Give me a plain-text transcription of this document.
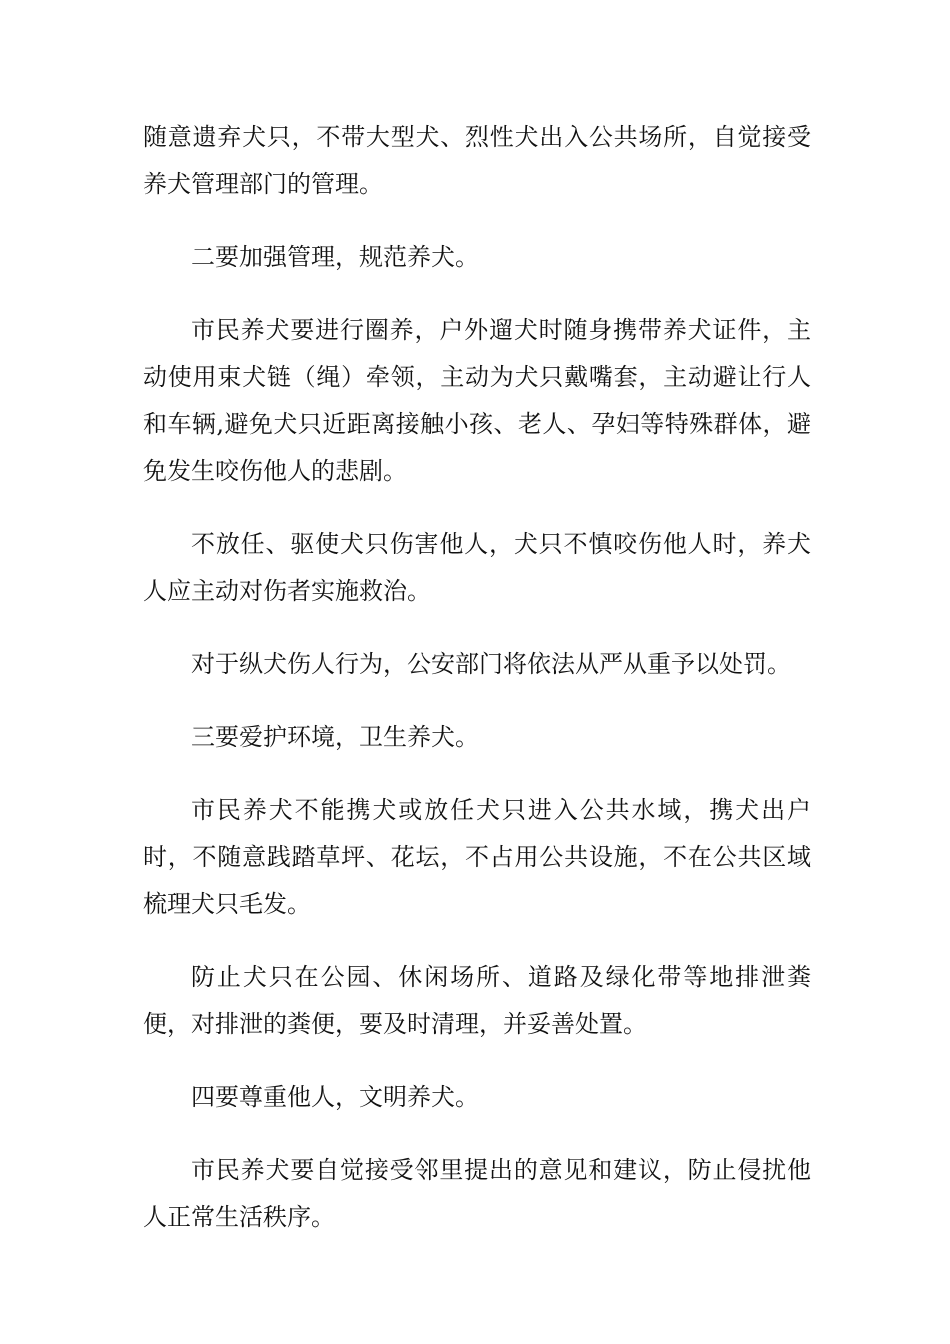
随意遗弃犬只，不带大型犬、烈性犬出入公共场所，自觉接受养犬管理部门的管理。

二要加强管理，规范养犬。

市民养犬要进行圈养，户外遛犬时随身携带养犬证件，主动使用束犬链（绳）牵领，主动为犬只戴嘴套，主动避让行人和车辆,避免犬只近距离接触小孩、老人、孕妇等特殊群体，避免发生咬伤他人的悲剧。

不放任、驱使犬只伤害他人，犬只不慎咬伤他人时，养犬人应主动对伤者实施救治。

对于纵犬伤人行为，公安部门将依法从严从重予以处罚。

三要爱护环境，卫生养犬。

市民养犬不能携犬或放任犬只进入公共水域，携犬出户时，不随意践踏草坪、花坛，不占用公共设施，不在公共区域梳理犬只毛发。

防止犬只在公园、休闲场所、道路及绿化带等地排泄粪便，对排泄的粪便，要及时清理，并妥善处置。

四要尊重他人，文明养犬。

市民养犬要自觉接受邻里提出的意见和建议，防止侵扰他人正常生活秩序。
